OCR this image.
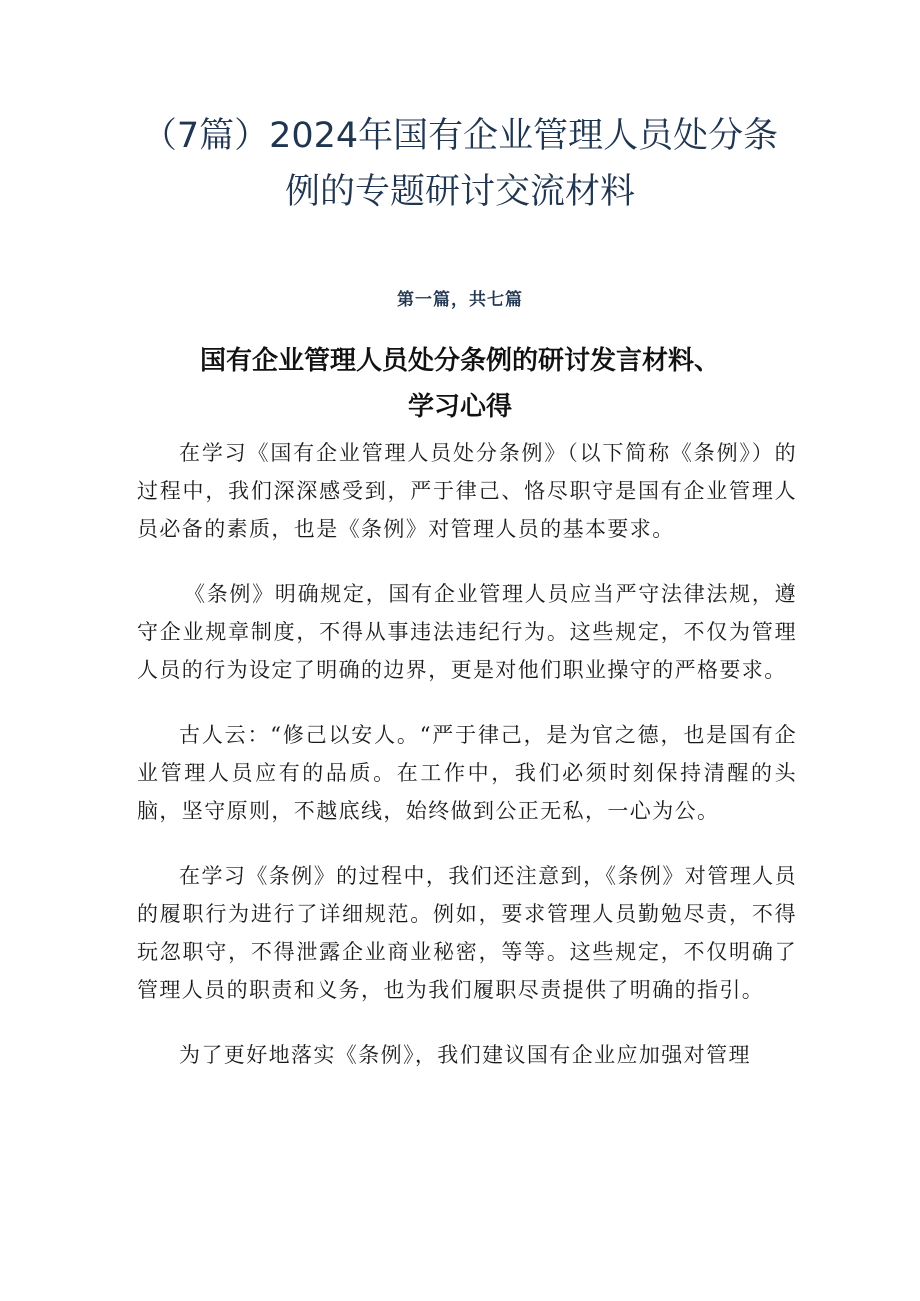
（7篇）2024年国有企业管理人员处分条
例的专题研讨交流材料
第一篇，共七篇
国有企业管理人员处分条例的研讨发言材料、
学习心得

在学习《国有企业管理人员处分条例》（以下简称《条例》）的过程中，我们深深感受到，严于律己、恪尽职守是国有企业管理人员必备的素质，也是《条例》对管理人员的基本要求。

《条例》明确规定，国有企业管理人员应当严守法律法规，遵守企业规章制度，不得从事违法违纪行为。这些规定，不仅为管理人员的行为设定了明确的边界，更是对他们职业操守的严格要求。

古人云：“修己以安人。“严于律己，是为官之德，也是国有企业管理人员应有的品质。在工作中，我们必须时刻保持清醒的头脑，坚守原则，不越底线，始终做到公正无私，一心为公。

在学习《条例》的过程中，我们还注意到，《条例》对管理人员的履职行为进行了详细规范。例如，要求管理人员勤勉尽责，不得玩忽职守，不得泄露企业商业秘密，等等。这些规定，不仅明确了管理人员的职责和义务，也为我们履职尽责提供了明确的指引。

为了更好地落实《条例》，我们建议国有企业应加强对管理
